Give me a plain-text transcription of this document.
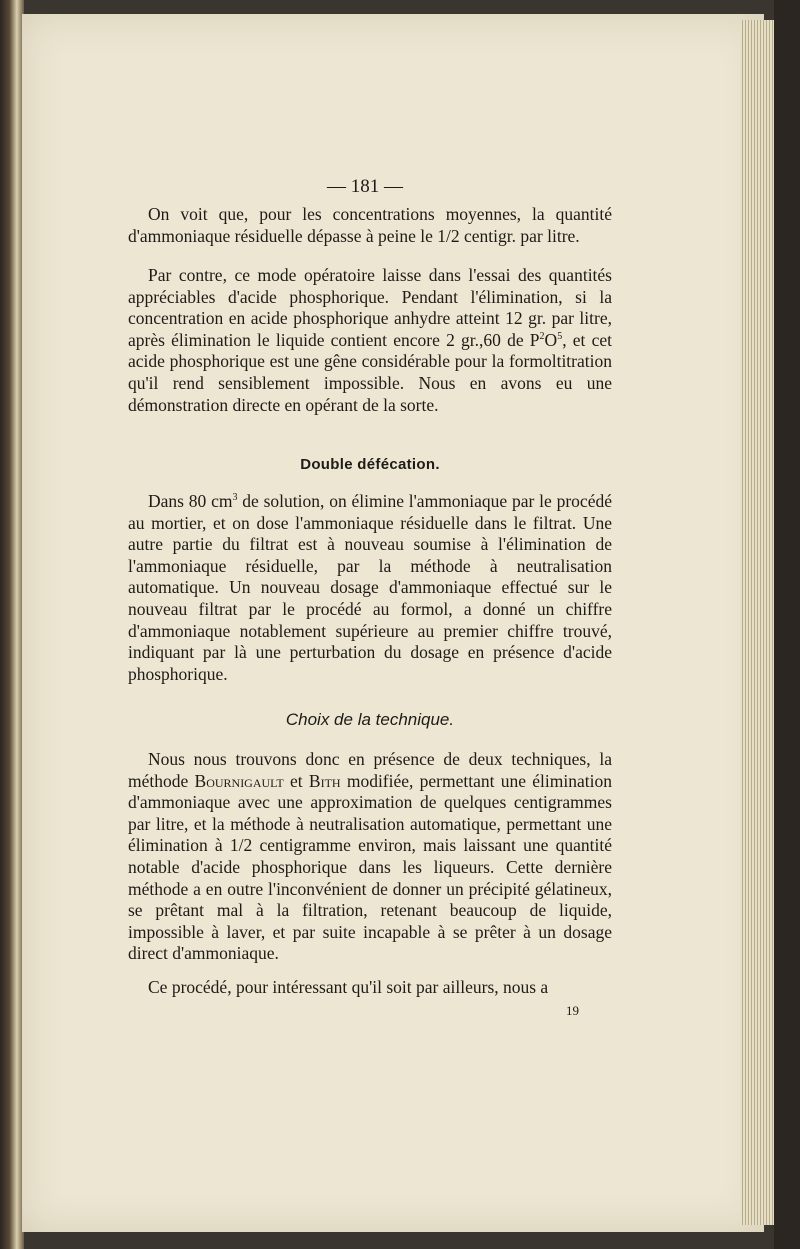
— 181 —

On voit que, pour les concentrations moyennes, la quantité d'ammoniaque résiduelle dépasse à peine le 1/2 centigr. par litre.

Par contre, ce mode opératoire laisse dans l'essai des quantités appréciables d'acide phosphorique. Pendant l'élimination, si la concentration en acide phosphorique anhydre atteint 12 gr. par litre, après élimination le liquide contient encore 2 gr.,60 de $P^2O^5$, et cet acide phosphorique est une gêne considérable pour la formoltitration qu'il rend sensiblement impossible. Nous en avons eu une démonstration directe en opérant de la sorte.

Double défécation.

Dans 80 $cm^3$ de solution, on élimine l'ammoniaque par le procédé au mortier, et on dose l'ammoniaque résiduelle dans le filtrat. Une autre partie du filtrat est à nouveau soumise à l'élimination de l'ammoniaque résiduelle, par la méthode à neutralisation automatique. Un nouveau dosage d'ammoniaque effectué sur le nouveau filtrat par le procédé au formol, a donné un chiffre d'ammoniaque notablement supérieure au premier chiffre trouvé, indiquant par là une perturbation du dosage en présence d'acide phosphorique.

Choix de la technique.

Nous nous trouvons donc en présence de deux techniques, la méthode Bournigault et Bith modifiée, permettant une élimination d'ammoniaque avec une approximation de quelques centigrammes par litre, et la méthode à neutralisation automatique, permettant une élimination à 1/2 centigramme environ, mais laissant une quantité notable d'acide phosphorique dans les liqueurs. Cette dernière méthode a en outre l'inconvénient de donner un précipité gélatineux, se prêtant mal à la filtration, retenant beaucoup de liquide, impossible à laver, et par suite incapable à se prêter à un dosage direct d'ammoniaque.

Ce procédé, pour intéressant qu'il soit par ailleurs, nous a

19
